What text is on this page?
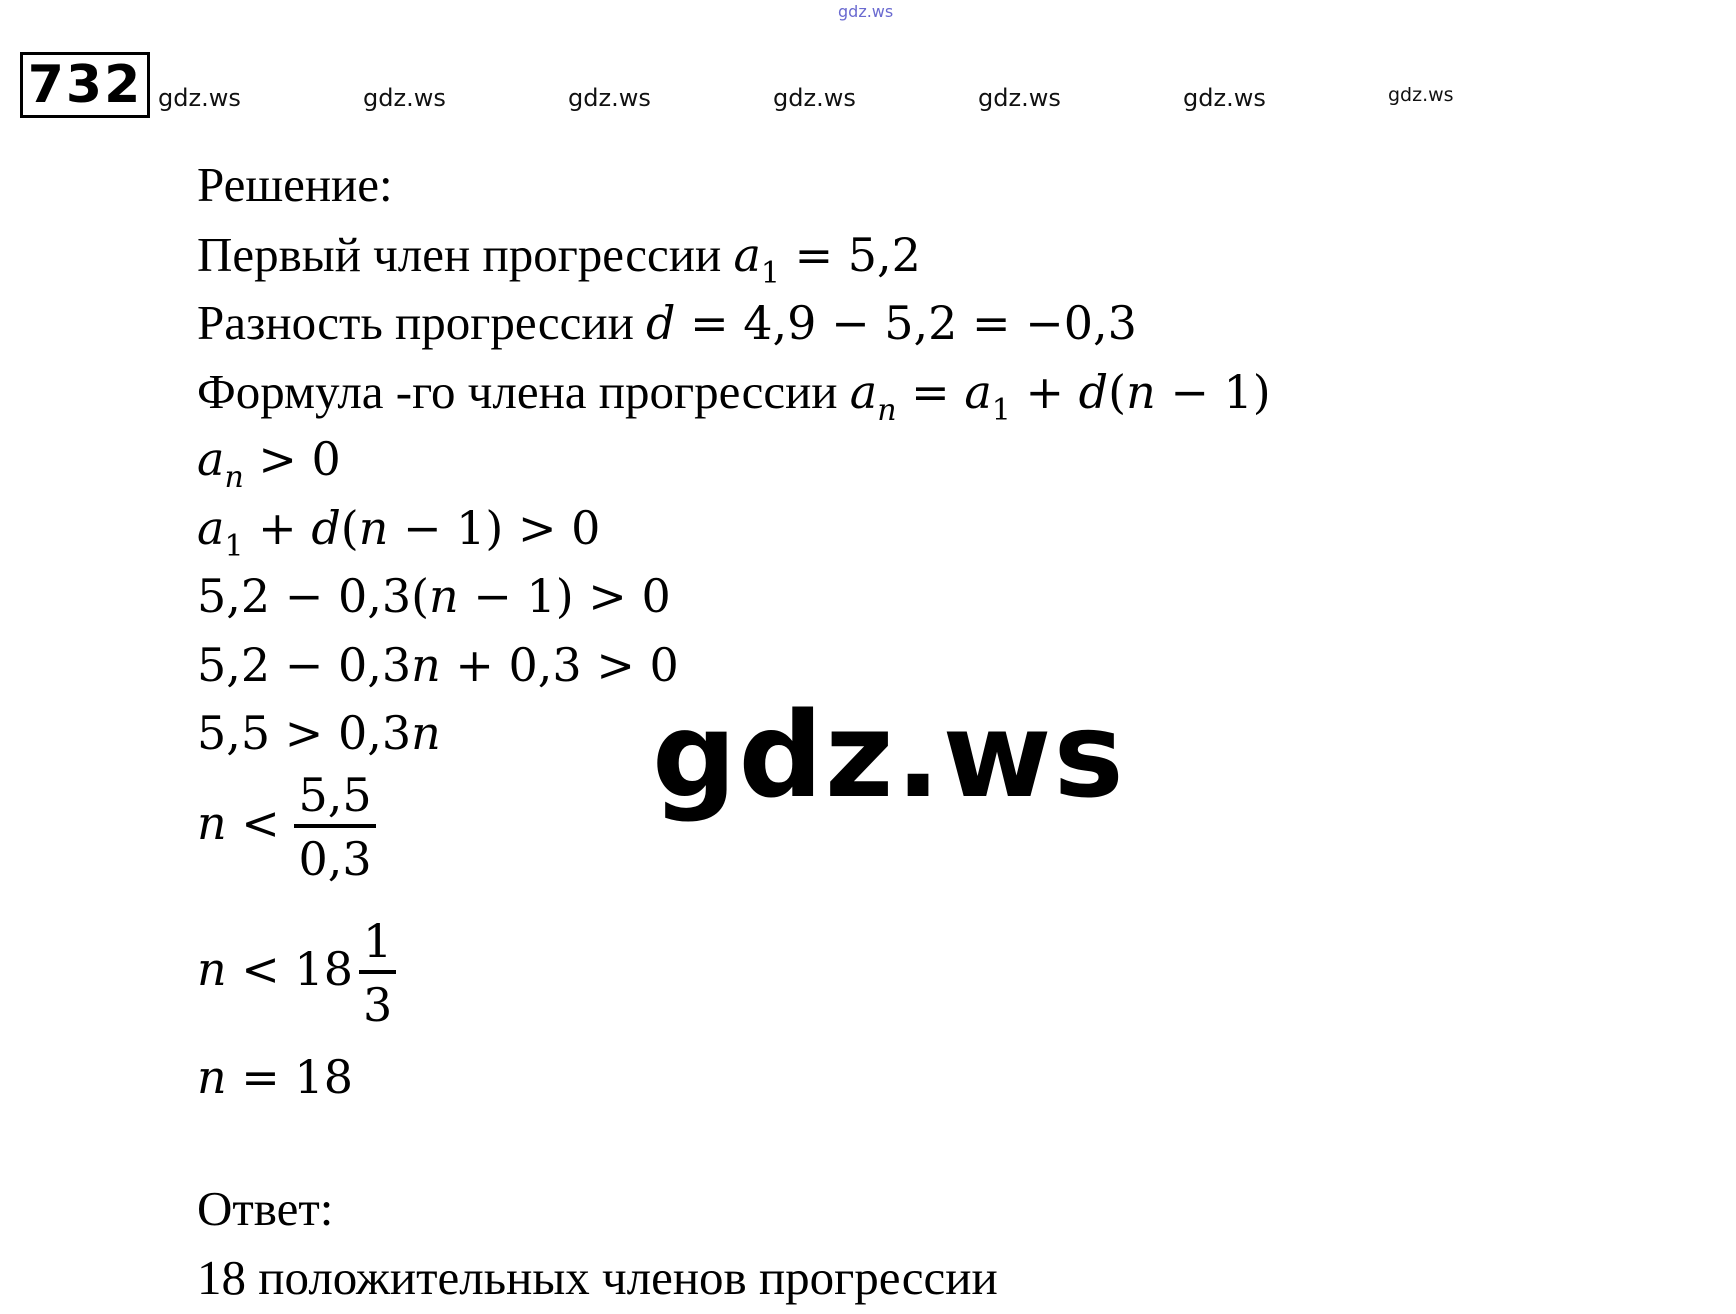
gdz.ws
732 gdz.ws	gdz.ws	gdz.ws	gdz.ws	gdz.ws	gdz.ws	gdz.ws
Решение:
Первый член прогрессии $a_1 = 5,2$
Разность прогрессии d = 4,9 − 5,2 = −0,3
Формула -го члена прогрессии $a_n = a_1 + d(n - 1)$
$a_n > 0$
$a_1 + d(n - 1) > 0$
5,2 − 0,3(n − 1) > 0
5,2 − 0,3n + 0,3 > 0
5,5 > 0,3n
$n < \frac{5,5}{0,3}$
$n < 18 \frac{1}{3}$
n = 18
Ответ:
18 положительных членов прогрессии
gdz.ws
